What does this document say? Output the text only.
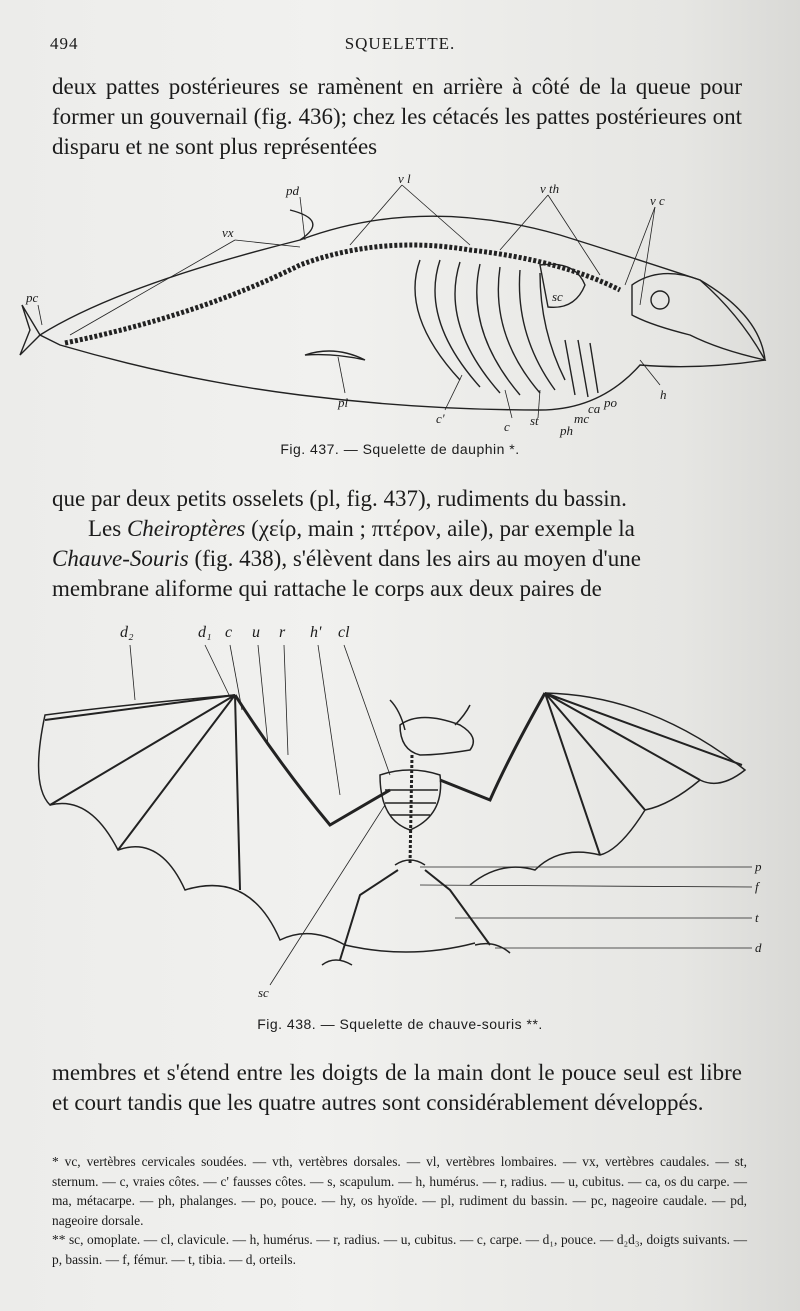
494	SQUELETTE.

deux pattes postérieures se ramènent en arrière à côté de la queue pour former un gouvernail (fig. 436); chez les cétacés les pattes postérieures ont disparu et ne sont plus représentées

pd
v l
v th
v c
vx
pc	sc
pl
c'
c st
ca po
mc
ph
h
Fig. 437. — Squelette de dauphin *.

que par deux petits osselets (pl, fig. 437), rudiments du bassin.

Les Cheiroptères (χείρ, main ; πτέρον, aile), par exemple la

Chauve-Souris (fig. 438), s'élèvent dans les airs au moyen d'une

membrane aliforme qui rattache le corps aux deux paires de

d₂	d₁ c u r h' cl
p
f
t
d
sc
Fig. 438. — Squelette de chauve-souris **.

membres et s'étend entre les doigts de la main dont le pouce seul est libre et court tandis que les quatre autres sont considérablement développés.

* vc, vertèbres cervicales soudées. — vth, vertèbres dorsales. — vl, vertèbres lombaires. — vx, vertèbres caudales. — st, sternum. — c, vraies côtes. — c' fausses côtes. — s, scapulum. — h, humérus. — r, radius. — u, cubitus. — ca, os du carpe. — ma, métacarpe. — ph, phalanges. — po, pouce. — hy, os hyoïde. — pl, rudiment du bassin. — pc, nageoire caudale. — pd, nageoire dorsale.

** sc, omoplate. — cl, clavicule. — h, humérus. — r, radius. — u, cubitus. — c, carpe. — d₁, pouce. — d₂d₃, doigts suivants. — p, bassin. — f, fémur. — t, tibia. — d, orteils.
